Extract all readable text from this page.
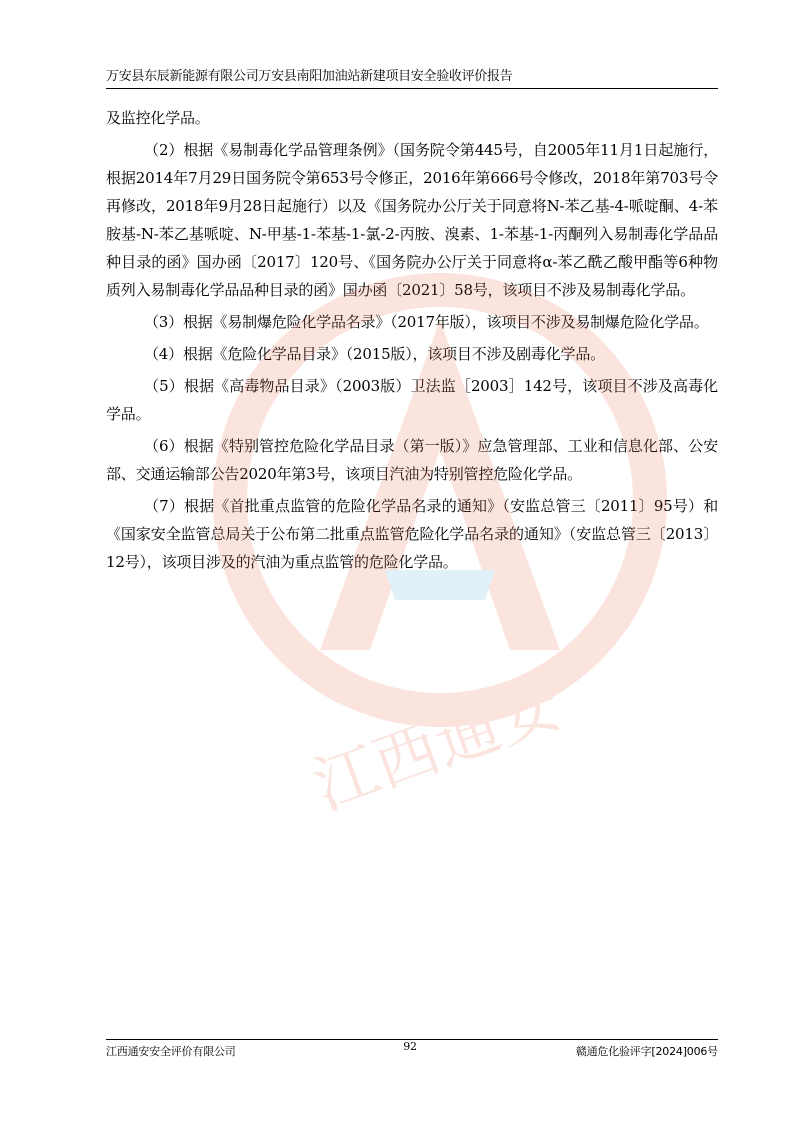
万安县东辰新能源有限公司万安县南阳加油站新建项目安全验收评价报告

及监控化学品。

（2）根据《易制毒化学品管理条例》（国务院令第445号，自2005年11月1日起施行，根据2014年7月29日国务院令第653号令修正，2016年第666号令修改，2018年第703号令再修改，2018年9月28日起施行）以及《国务院办公厅关于同意将N-苯乙基-4-哌啶酮、4-苯胺基-N-苯乙基哌啶、N-甲基-1-苯基-1-氯-2-丙胺、溴素、1-苯基-1-丙酮列入易制毒化学品品种目录的函》国办函〔2017〕120号、《国务院办公厅关于同意将α-苯乙酰乙酸甲酯等6种物质列入易制毒化学品品种目录的函》国办函〔2021〕58号，该项目不涉及易制毒化学品。

（3）根据《易制爆危险化学品名录》（2017年版），该项目不涉及易制爆危险化学品。

（4）根据《危险化学品目录》（2015版），该项目不涉及剧毒化学品。

（5）根据《高毒物品目录》（2003版）卫法监［2003］142号，该项目不涉及高毒化学品。

（6）根据《特别管控危险化学品目录（第一版）》应急管理部、工业和信息化部、公安部、交通运输部公告2020年第3号，该项目汽油为特别管控危险化学品。

（7）根据《首批重点监管的危险化学品名录的通知》（安监总管三〔2011〕95号）和《国家安全监管总局关于公布第二批重点监管危险化学品名录的通知》（安监总管三〔2013〕12号），该项目涉及的汽油为重点监管的危险化学品。

江西通安
江西通安安全评价有限公司	92	赣通危化验评字[2024]006号
